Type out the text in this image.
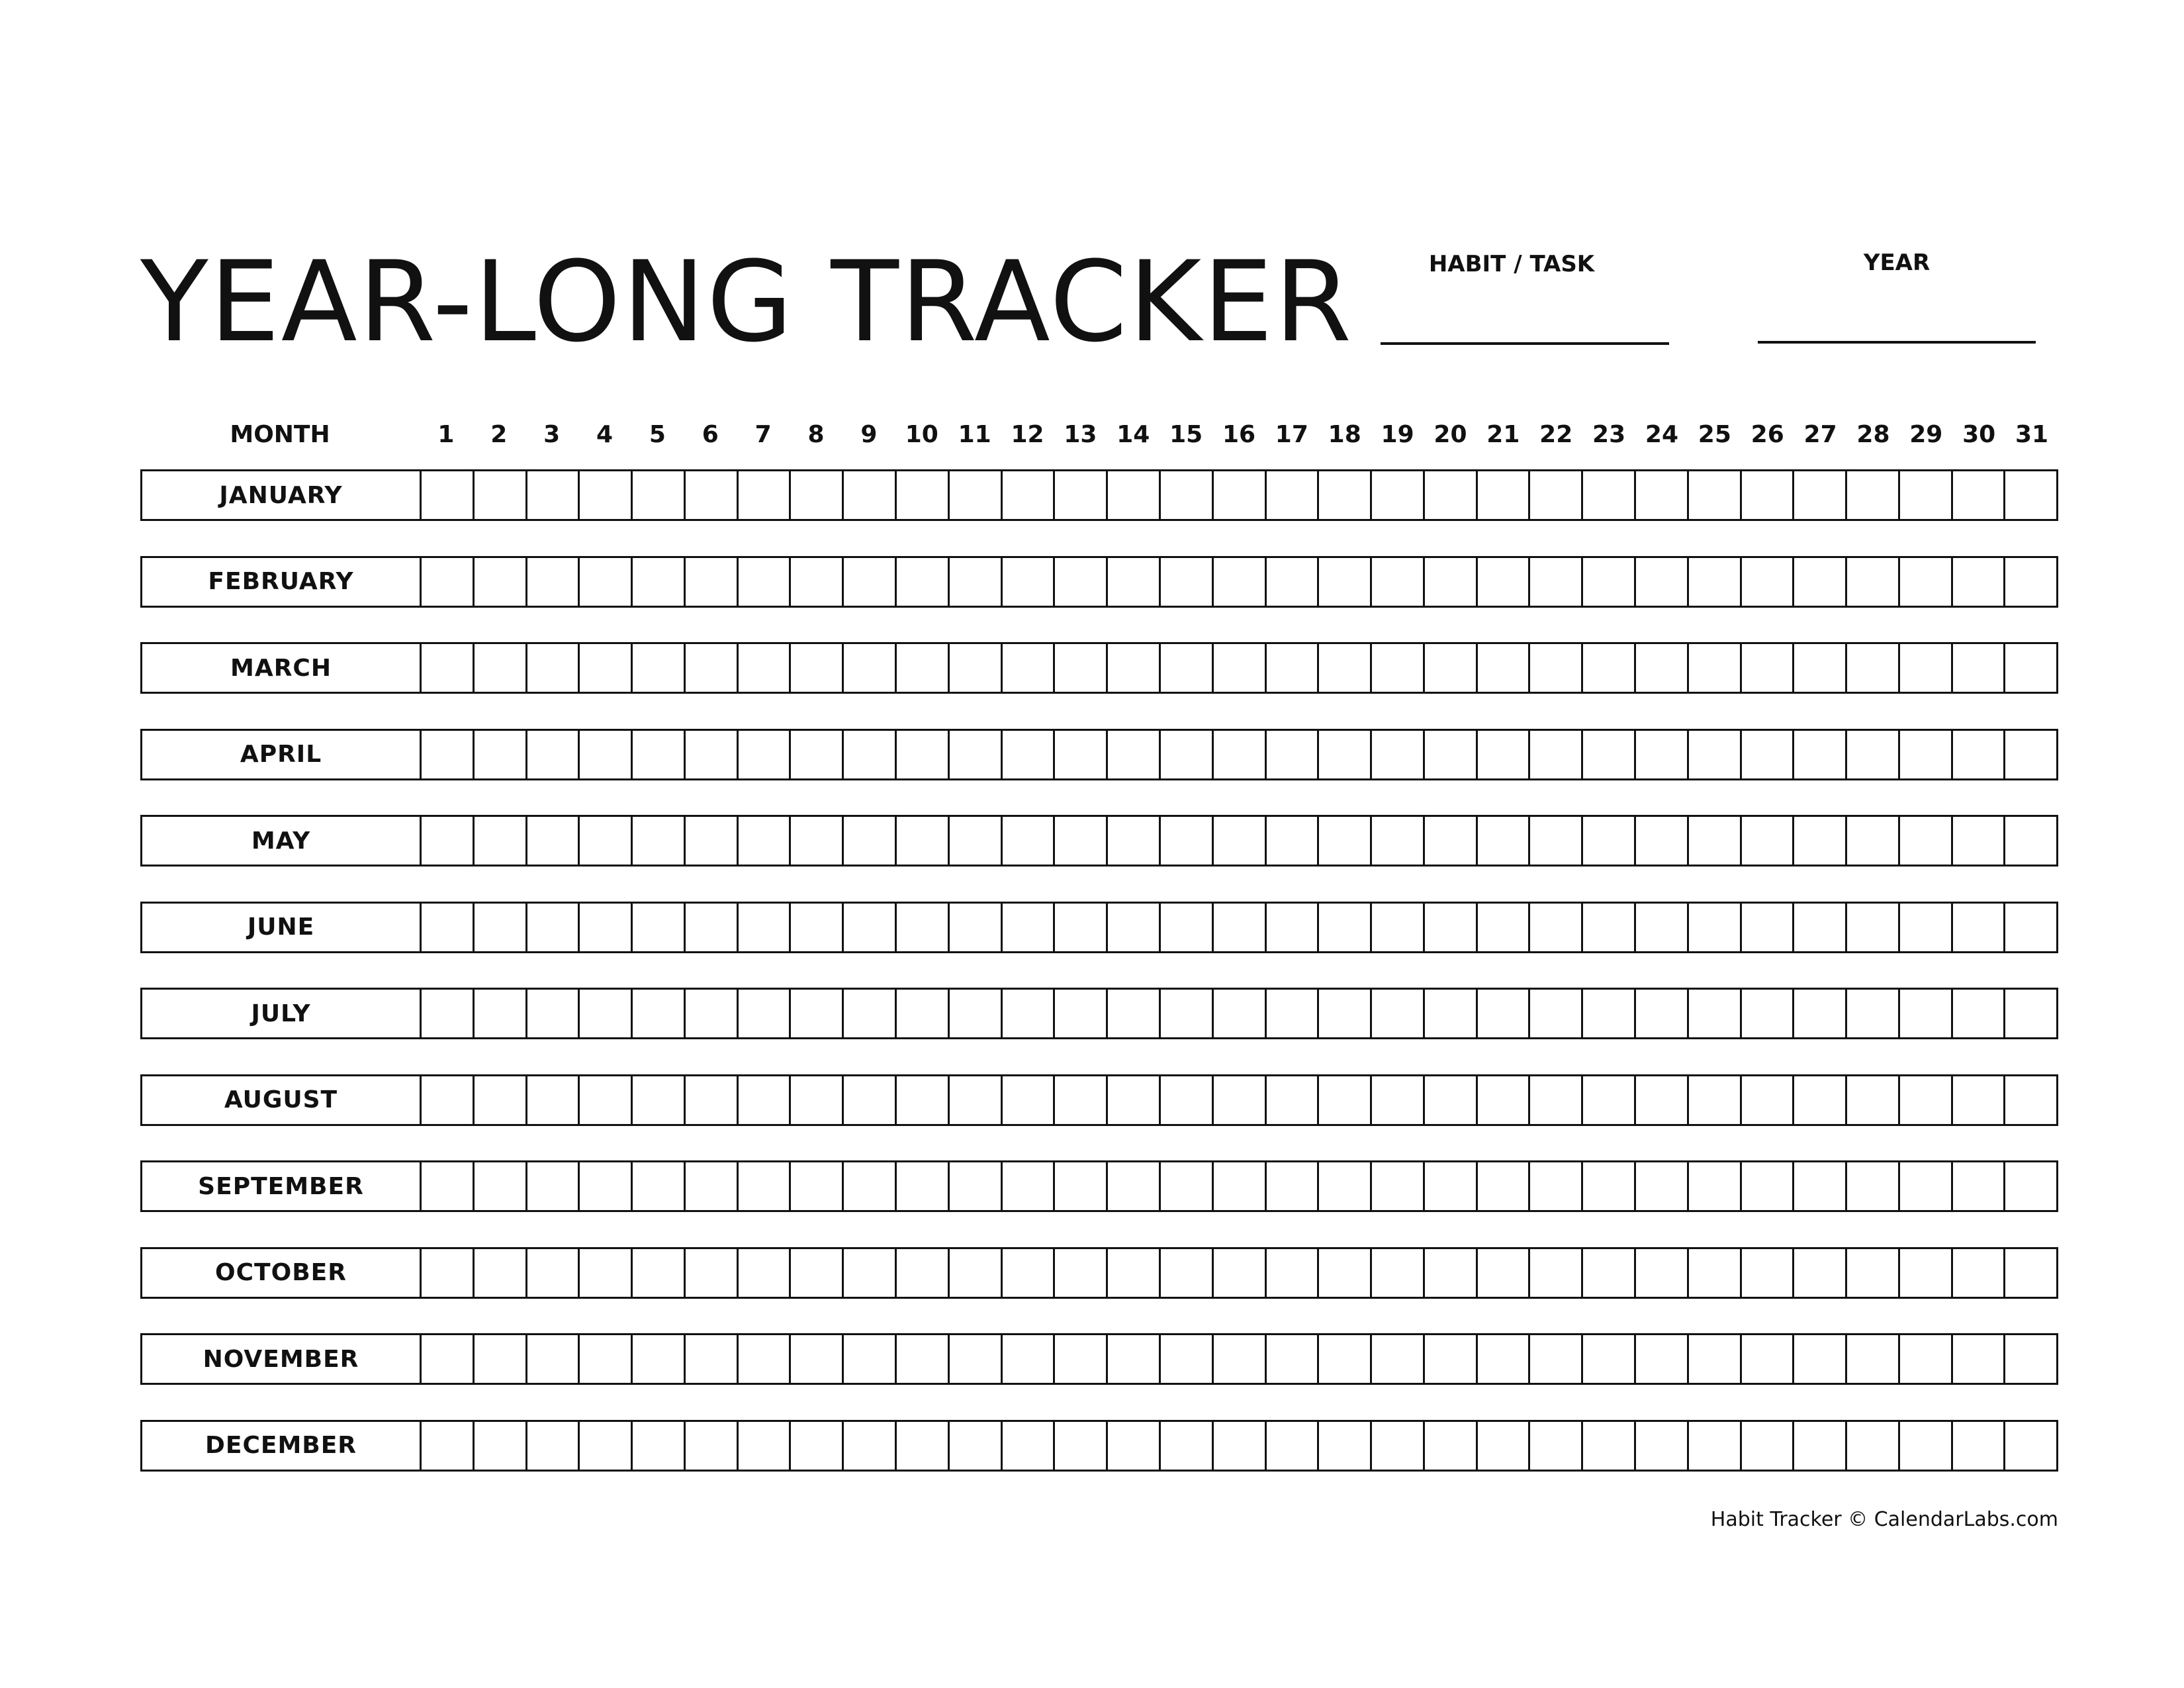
YEAR-LONG TRACKER	HABIT / TASK	YEAR
MONTH	1	2	3	4	5	6	7	8	9	10 11 12 13 14 15 16 17 18 19 20 21 22 23 24 25 26 27 28 29 30 31
JANUARY
FEBRUARY
MARCH
APRIL
MAY
JUNE
JULY
AUGUST
SEPTEMBER
OCTOBER
NOVEMBER
DECEMBER
Habit Tracker © CalendarLabs.com
